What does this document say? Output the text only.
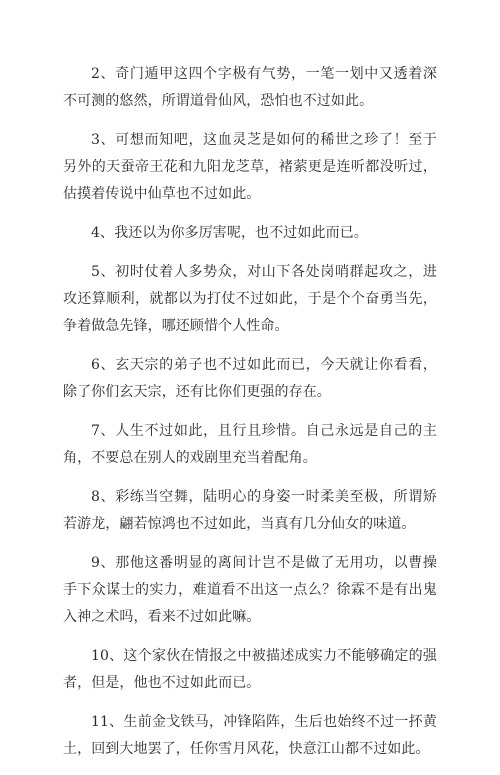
2、奇门遁甲这四个字极有气势，一笔一划中又透着深不可测的悠然，所谓道骨仙风，恐怕也不过如此。

3、可想而知吧，这血灵芝是如何的稀世之珍了！至于另外的天蚕帝王花和九阳龙芝草，褚萦更是连听都没听过，估摸着传说中仙草也不过如此。

4、我还以为你多厉害呢，也不过如此而已。

5、初时仗着人多势众，对山下各处岗哨群起攻之，进攻还算顺利，就都以为打仗不过如此，于是个个奋勇当先，争着做急先锋，哪还顾惜个人性命。

6、玄天宗的弟子也不过如此而已，今天就让你看看，除了你们玄天宗，还有比你们更强的存在。

7、人生不过如此，且行且珍惜。自己永远是自己的主角，不要总在别人的戏剧里充当着配角。

8、彩练当空舞，陆明心的身姿一时柔美至极，所谓矫若游龙，翩若惊鸿也不过如此，当真有几分仙女的味道。

9、那他这番明显的离间计岂不是做了无用功，以曹操手下众谋士的实力，难道看不出这一点么？徐霖不是有出鬼入神之术吗，看来不过如此嘛。

10、这个家伙在情报之中被描述成实力不能够确定的强者，但是，他也不过如此而已。

11、生前金戈铁马，冲锋陷阵，生后也始终不过一抔黄土，回到大地罢了，任你雪月风花，快意江山都不过如此。
